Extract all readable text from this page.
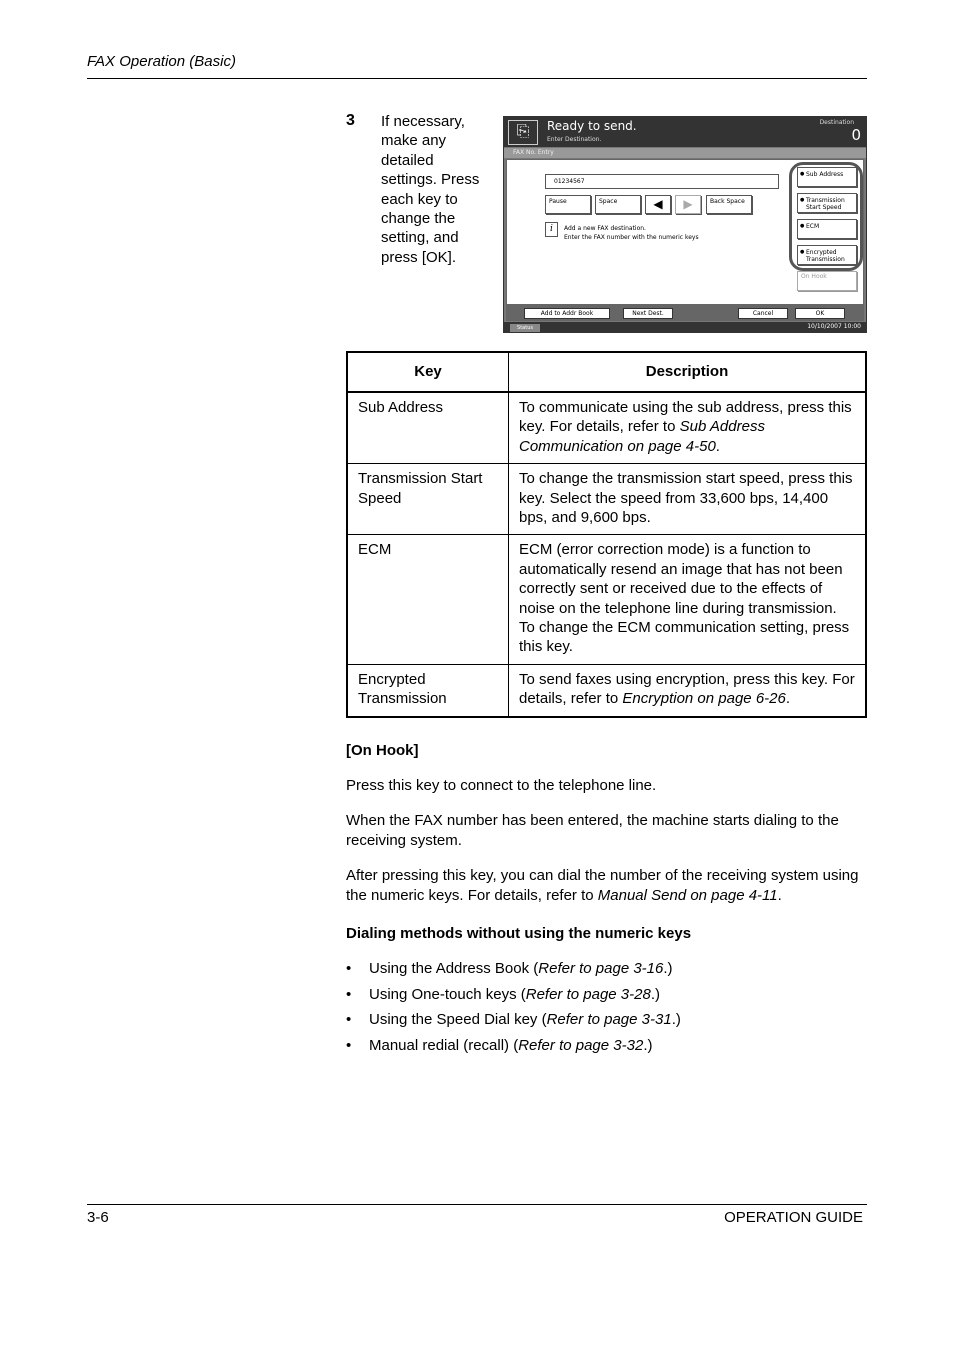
FAX Operation (Basic)
3 If necessary, make any detailed settings. Press each key to change the setting, and press [OK].
⎘	Ready to send.
Enter Destination.
Destination
0
FAX No. Entry
01234567
Pause	Space	◀	▶	Back Space
i	Add a new FAX destination.
Enter the FAX number with the numeric keys
● Sub Address
● Transmission Start Speed
● ECM
● Encrypted Transmission
On Hook
Add to Addr Book	Next Dest.	Cancel	OK
Status	10/10/2007 10:00
Key	Description
Sub Address	To communicate using the sub address, press this key. For details, refer to Sub Address Communication on page 4-50.
Transmission Start Speed	To change the transmission start speed, press this key. Select the speed from 33,600 bps, 14,400 bps, and 9,600 bps.
ECM	ECM (error correction mode) is a function to automatically resend an image that has not been correctly sent or received due to the effects of noise on the telephone line during transmission. To change the ECM communication setting, press this key.
Encrypted Transmission	To send faxes using encryption, press this key. For details, refer to Encryption on page 6-26.
[On Hook]
Press this key to connect to the telephone line.
When the FAX number has been entered, the machine starts dialing to the receiving system.
After pressing this key, you can dial the number of the receiving system using the numeric keys. For details, refer to Manual Send on page 4-11.
Dialing methods without using the numeric keys
• Using the Address Book (Refer to page 3-16.)
• Using One-touch keys (Refer to page 3-28.)
• Using the Speed Dial key (Refer to page 3-31.)
• Manual redial (recall) (Refer to page 3-32.)
3-6	OPERATION GUIDE
